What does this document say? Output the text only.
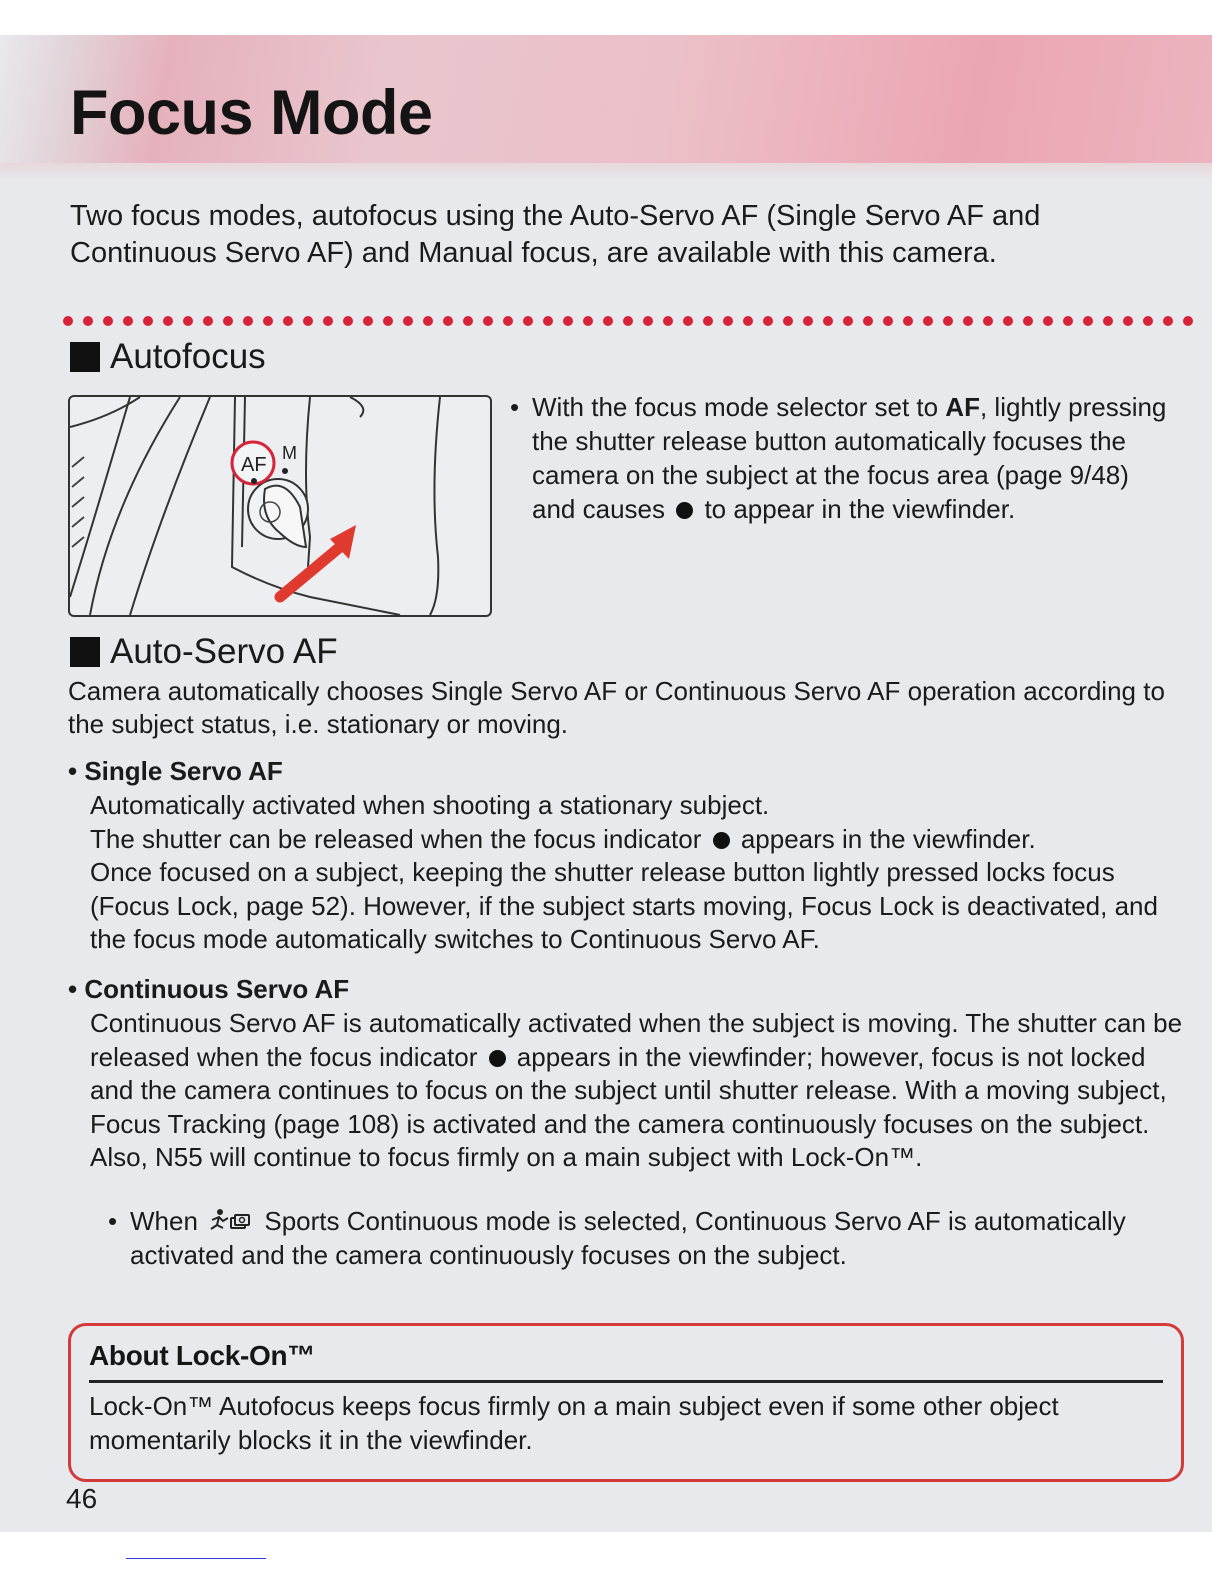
Focus Mode

Two focus modes, autofocus using the Auto-Servo AF (Single Servo AF and Continuous Servo AF) and Manual focus, are available with this camera.

Autofocus
AF
M
• With the focus mode selector set to AF, lightly pressing the shutter release button automatically focuses the camera on the subject at the focus area (page 9/48) and causes  to appear in the viewfinder.
Auto-Servo AF

Camera automatically chooses Single Servo AF or Continuous Servo AF operation according to the subject status, i.e. stationary or moving.

• Single Servo AF

Automatically activated when shooting a stationary subject.
The shutter can be released when the focus indicator  appears in the viewfinder.
Once focused on a subject, keeping the shutter release button lightly pressed locks focus (Focus Lock, page 52). However, if the subject starts moving, Focus Lock is deactivated, and the focus mode automatically switches to Continuous Servo AF.

• Continuous Servo AF

Continuous Servo AF is automatically activated when the subject is moving. The shutter can be released when the focus indicator  appears in the viewfinder; however, focus is not locked and the camera continues to focus on the subject until shutter release. With a moving subject, Focus Tracking (page 108) is activated and the camera continuously focuses on the subject. Also, N55 will continue to focus firmly on a main subject with Lock-On™.
• When  Sports Continuous mode is selected, Continuous Servo AF is automatically activated and the camera continuously focuses on the subject.

About Lock-On™

Lock-On™ Autofocus keeps focus firmly on a main subject even if some other object momentarily blocks it in the viewfinder.

46
